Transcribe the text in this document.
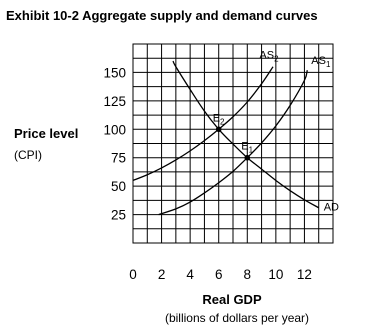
Exhibit 10-2 Aggregate supply and demand curves
0 2 4 6 8 10 12
25
50
75
100
125
150
$AS_1$
$AS_2$
AD
$E_1$
$E_2$
Price level
(CPI)
Real GDP
(billions of dollars per year)
